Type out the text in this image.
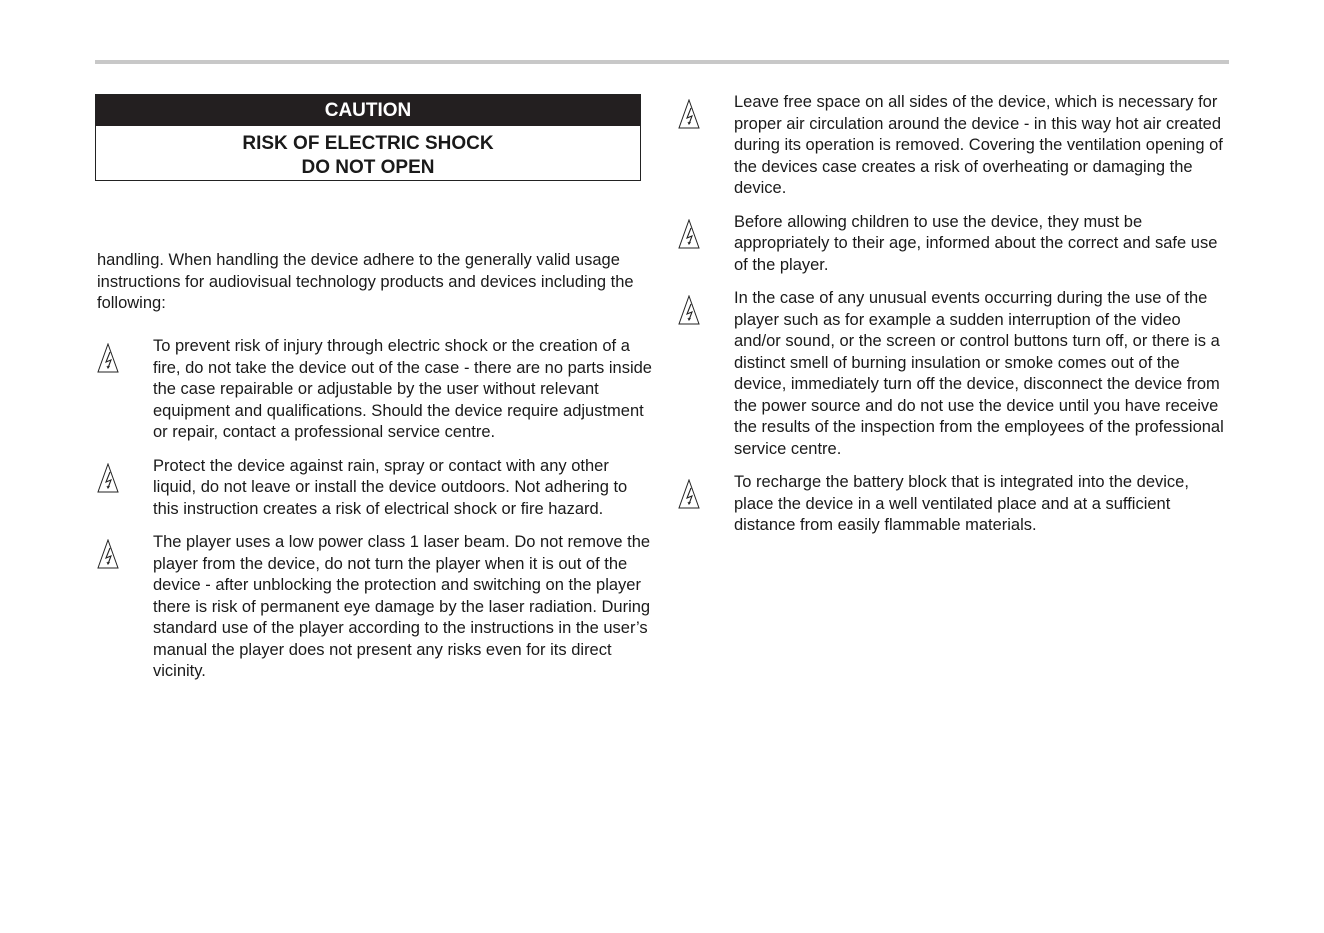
CAUTION
RISK OF ELECTRIC SHOCK
DO NOT OPEN

handling. When handling the device adhere to the generally valid usage instructions for audiovisual technology products and devices including the following:

To prevent risk of injury through electric shock or the creation of a fire, do not take the device out of the case - there are no parts inside the case repairable or adjustable by the user without relevant equipment and qualifications. Should the device require adjustment or repair, contact a professional service centre.

Protect the device against rain, spray or contact with any other liquid, do not leave or install the device outdoors. Not adhering to this instruction creates a risk of electrical shock or fire hazard.

The player uses a low power class 1 laser beam. Do not remove the player from the device, do not turn the player when it is out of the device - after unblocking the protection and switching on the player there is risk of permanent eye damage by the laser radiation. During standard use of the player according to the instructions in the user’s manual the player does not present any risks even for its direct vicinity.

Leave free space on all sides of the device, which is necessary for proper air circulation around the device - in this way hot air created during its operation is removed. Covering the ventilation opening of the devices case creates a risk of overheating or damaging the device.

Before allowing children to use the device, they must be appropriately to their age, informed about the correct and safe use of the player.

In the case of any unusual events occurring during the use of the player such as for example a sudden interruption of the video and/or sound, or the screen or control buttons turn off, or there is a distinct smell of burning insulation or smoke comes out of the device, immediately turn off the device, disconnect the device from the power source and do not use the device until you have receive the results of the inspection from the employees of the professional service centre.

To recharge the battery block that is integrated into the device, place the device in a well ventilated place and at a sufficient distance from easily flammable materials.
